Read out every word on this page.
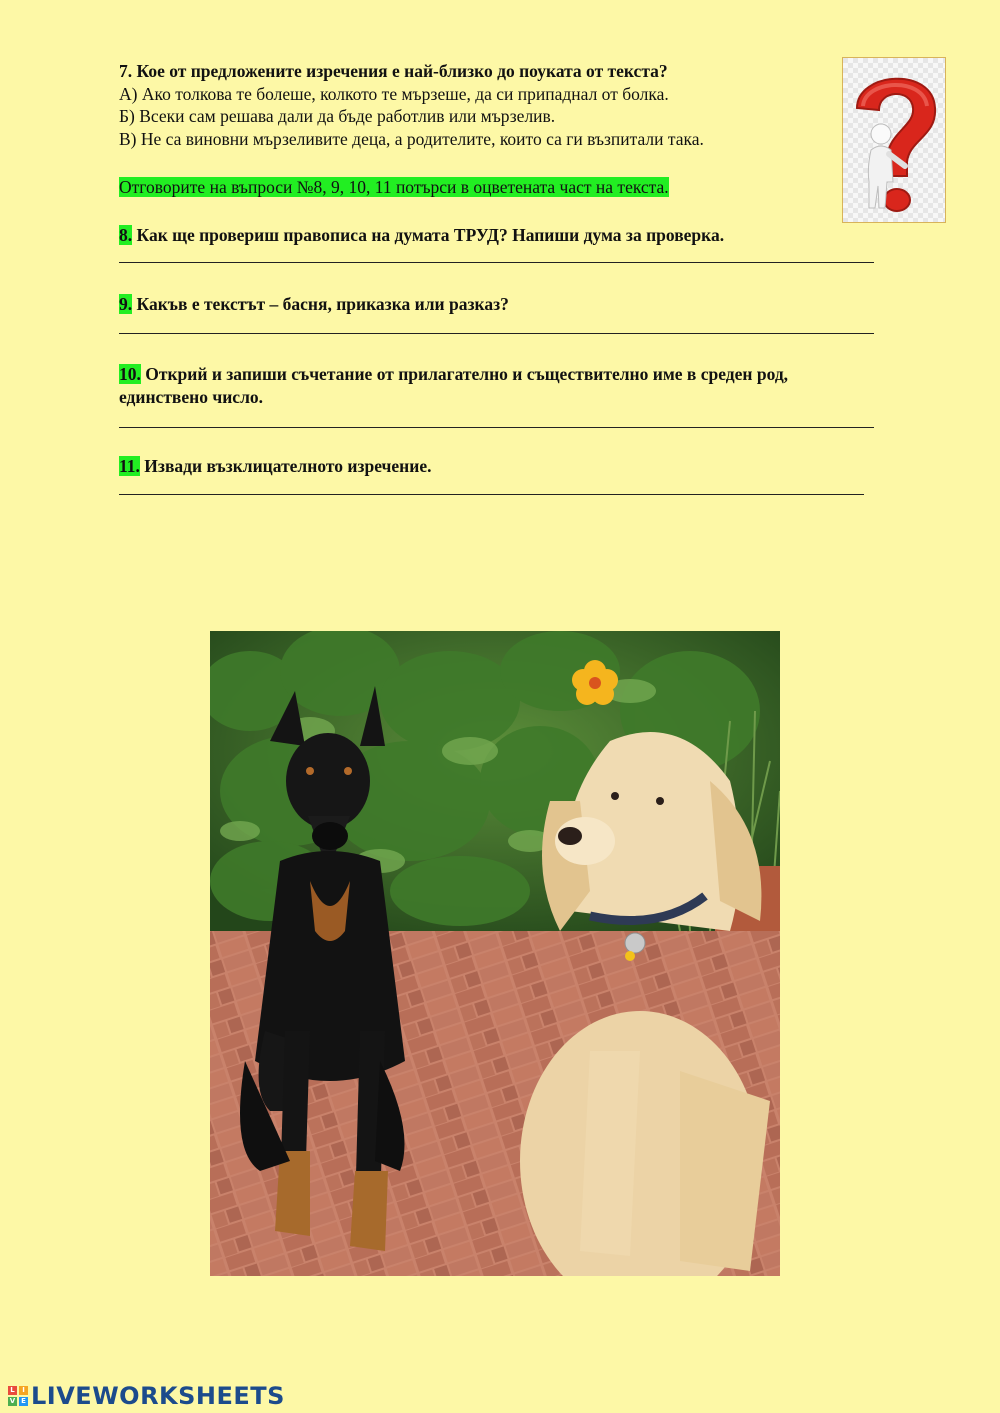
7. Кое от предложените изречения е най-близко до поуката от текста?
А) Ако толкова те болеше, колкото те мързеше, да си припаднал от болка.
Б) Всеки сам решава дали да бъде работлив или мързелив.
В) Не са виновни мързеливите деца, а родителите, които са ги възпитали така.
Отговорите на въпроси №8, 9, 10, 11 потърси в оцветената част на текста.
8. Как ще провериш правописа на думата ТРУД? Напиши дума за проверка.
9. Какъв е текстът – басня, приказка или разказ?
10. Открий и запиши съчетание от прилагателно и съществително име в среден род, единствено число.
11. Извади възклицателното изречение.
L	I
V E LIVEWORKSHEETS
